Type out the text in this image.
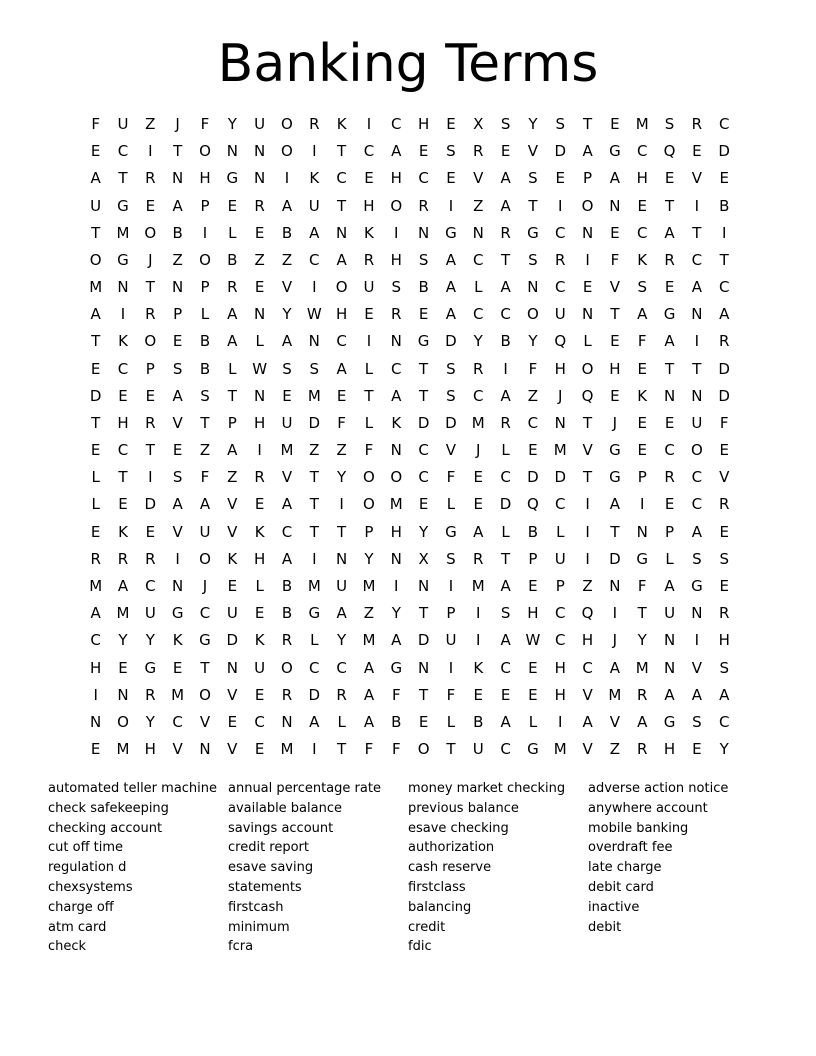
Banking Terms
F	U	Z	J	F	Y	U	O	R	K	I	C	H	E	X	S	Y	S	T	E	M	S	R	C
E	C	I	T	O	N	N	O	I	T	C	A	E	S	R	E	V	D	A	G	C	Q	E	D
A	T	R	N	H	G	N	I	K	C	E	H	C	E	V	A	S	E	P	A	H	E	V	E
U	G	E	A	P	E	R	A	U	T	H	O	R	I	Z	A	T	I	O	N	E	T	I	B
T	M O	B	I	L	E	B	A	N	K	I	N	G	N	R	G	C	N	E	C	A	T	I
O	G	J	Z	O	B	Z	Z	C	A	R	H	S	A	C	T	S	R	I	F	K	R	C	T
M	N	T	N	P	R	E	V	I	O	U	S	B	A	L	A	N	C	E	V	S	E	A	C
A	I	R	P	L	A	N	Y	W H	E	R	E	A	C	C	O	U	N	T	A	G	N	A
T	K	O	E	B	A	L	A	N	C	I	N	G	D	Y	B	Y	Q	L	E	F	A	I	R
E	C	P	S	B	L	W	S	S	A	L	C	T	S	R	I	F	H	O	H	E	T	T	D
D	E	E	A	S	T	N	E	M	E	T	A	T	S	C	A	Z	J	Q	E	K	N	N	D
T	H	R	V	T	P	H	U	D	F	L	K	D	D	M	R	C	N	T	J	E	E	U	F
E	C	T	E	Z	A	I	M	Z	Z	F	N	C	V	J	L	E	M	V	G	E	C	O	E
L	T	I	S	F	Z	R	V	T	Y	O	O	C	F	E	C	D	D	T	G	P	R	C	V
L	E	D	A	A	V	E	A	T	I	O M	E	L	E	D	Q	C	I	A	I	E	C	R
E	K	E	V	U	V	K	C	T	T	P	H	Y	G	A	L	B	L	I	T	N	P	A	E
R	R	R	I	O	K	H	A	I	N	Y	N	X	S	R	T	P	U	I	D	G	L	S	S
M	A	C	N	J	E	L	B	M	U	M	I	N	I	M	A	E	P	Z	N	F	A	G	E
A	M	U	G	C	U	E	B	G	A	Z	Y	T	P	I	S	H	C	Q	I	T	U	N	R
C	Y	Y	K	G	D	K	R	L	Y	M	A	D	U	I	A W C	H	J	Y	N	I	H
H	E	G	E	T	N	U	O	C	C	A	G	N	I	K	C	E	H	C	A	M	N	V	S
I	N	R	M O	V	E	R	D	R	A	F	T	F	E	E	E	H	V	M	R	A	A	A
N	O	Y	C	V	E	C	N	A	L	A	B	E	L	B	A	L	I	A	V	A	G	S	C
E	M	H	V	N	V	E	M	I	T	F	F	O	T	U	C	G	M	V	Z	R	H	E	Y
automated teller machine
check safekeeping
checking account
cut off time
regulation d
chexsystems
charge off
atm card
check
annual percentage rate
available balance
savings account
credit report
esave saving
statements
firstcash
minimum
fcra
money market checking
previous balance
esave checking
authorization
cash reserve
firstclass
balancing
credit
fdic
adverse action notice
anywhere account
mobile banking
overdraft fee
late charge
debit card
inactive
debit
